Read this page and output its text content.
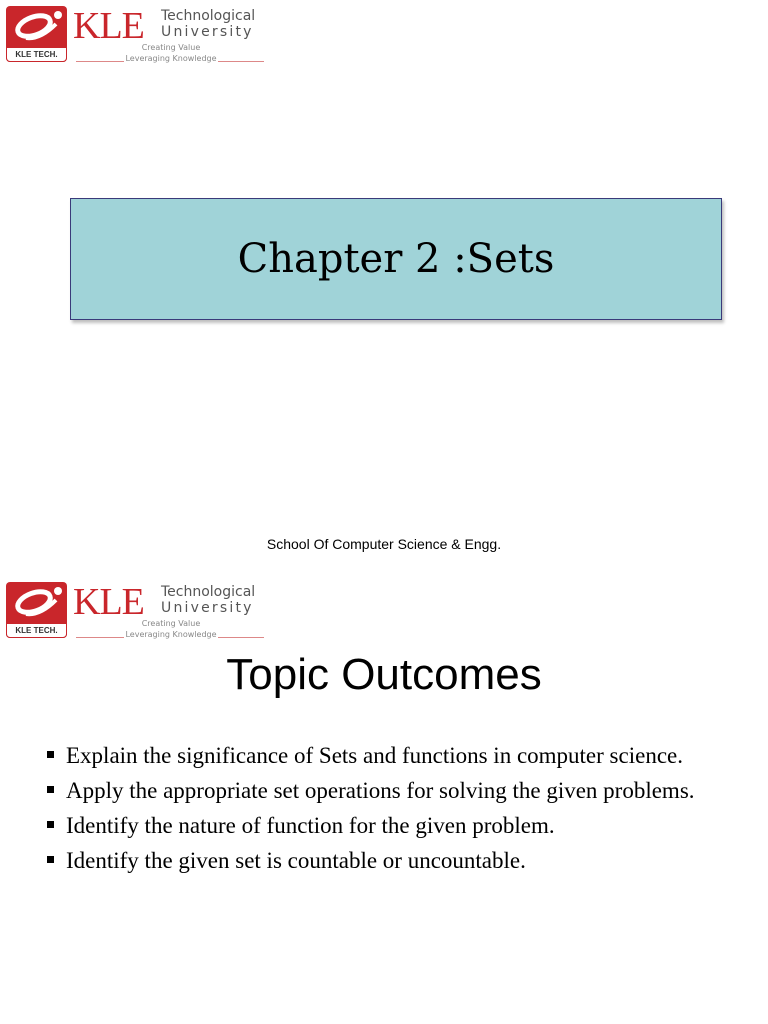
KLE TECH.
KLE Technological
University
Creating Value
Leveraging Knowledge
Chapter 2 :Sets
School Of Computer Science & Engg.
KLE TECH.
KLE Technological
University
Creating Value
Leveraging Knowledge
Topic Outcomes
Explain the significance of Sets and functions in computer science.
Apply the appropriate set operations for solving the given problems.
Identify the nature of function for the given problem.
Identify the given set is countable or uncountable.
